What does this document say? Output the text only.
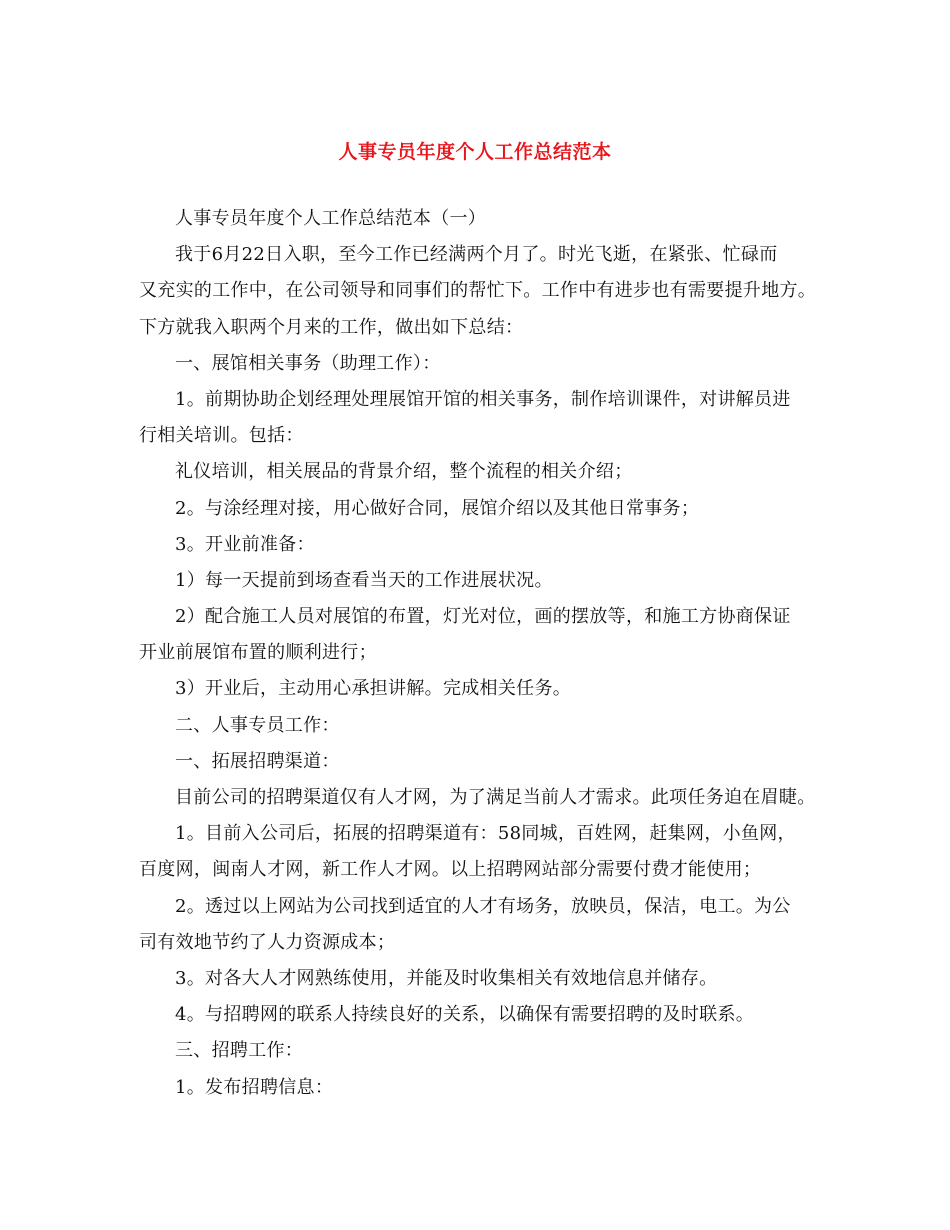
人事专员年度个人工作总结范本
人事专员年度个人工作总结范本（一）
我于6月22日入职，至今工作已经满两个月了。时光飞逝，在紧张、忙碌而
又充实的工作中，在公司领导和同事们的帮忙下。工作中有进步也有需要提升地方。
下方就我入职两个月来的工作，做出如下总结：
一、展馆相关事务（助理工作）：
1。前期协助企划经理处理展馆开馆的相关事务，制作培训课件，对讲解员进
行相关培训。包括：
礼仪培训，相关展品的背景介绍，整个流程的相关介绍；
2。与涂经理对接，用心做好合同，展馆介绍以及其他日常事务；
3。开业前准备：
1）每一天提前到场查看当天的工作进展状况。
2）配合施工人员对展馆的布置，灯光对位，画的摆放等，和施工方协商保证
开业前展馆布置的顺利进行；
3）开业后，主动用心承担讲解。完成相关任务。
二、人事专员工作：
一、拓展招聘渠道：
目前公司的招聘渠道仅有人才网，为了满足当前人才需求。此项任务迫在眉睫。
1。目前入公司后，拓展的招聘渠道有：58同城，百姓网，赶集网，小鱼网，
百度网，闽南人才网，新工作人才网。以上招聘网站部分需要付费才能使用；
2。透过以上网站为公司找到适宜的人才有场务，放映员，保洁，电工。为公
司有效地节约了人力资源成本；
3。对各大人才网熟练使用，并能及时收集相关有效地信息并储存。
4。与招聘网的联系人持续良好的关系，以确保有需要招聘的及时联系。
三、招聘工作：
1。发布招聘信息：
